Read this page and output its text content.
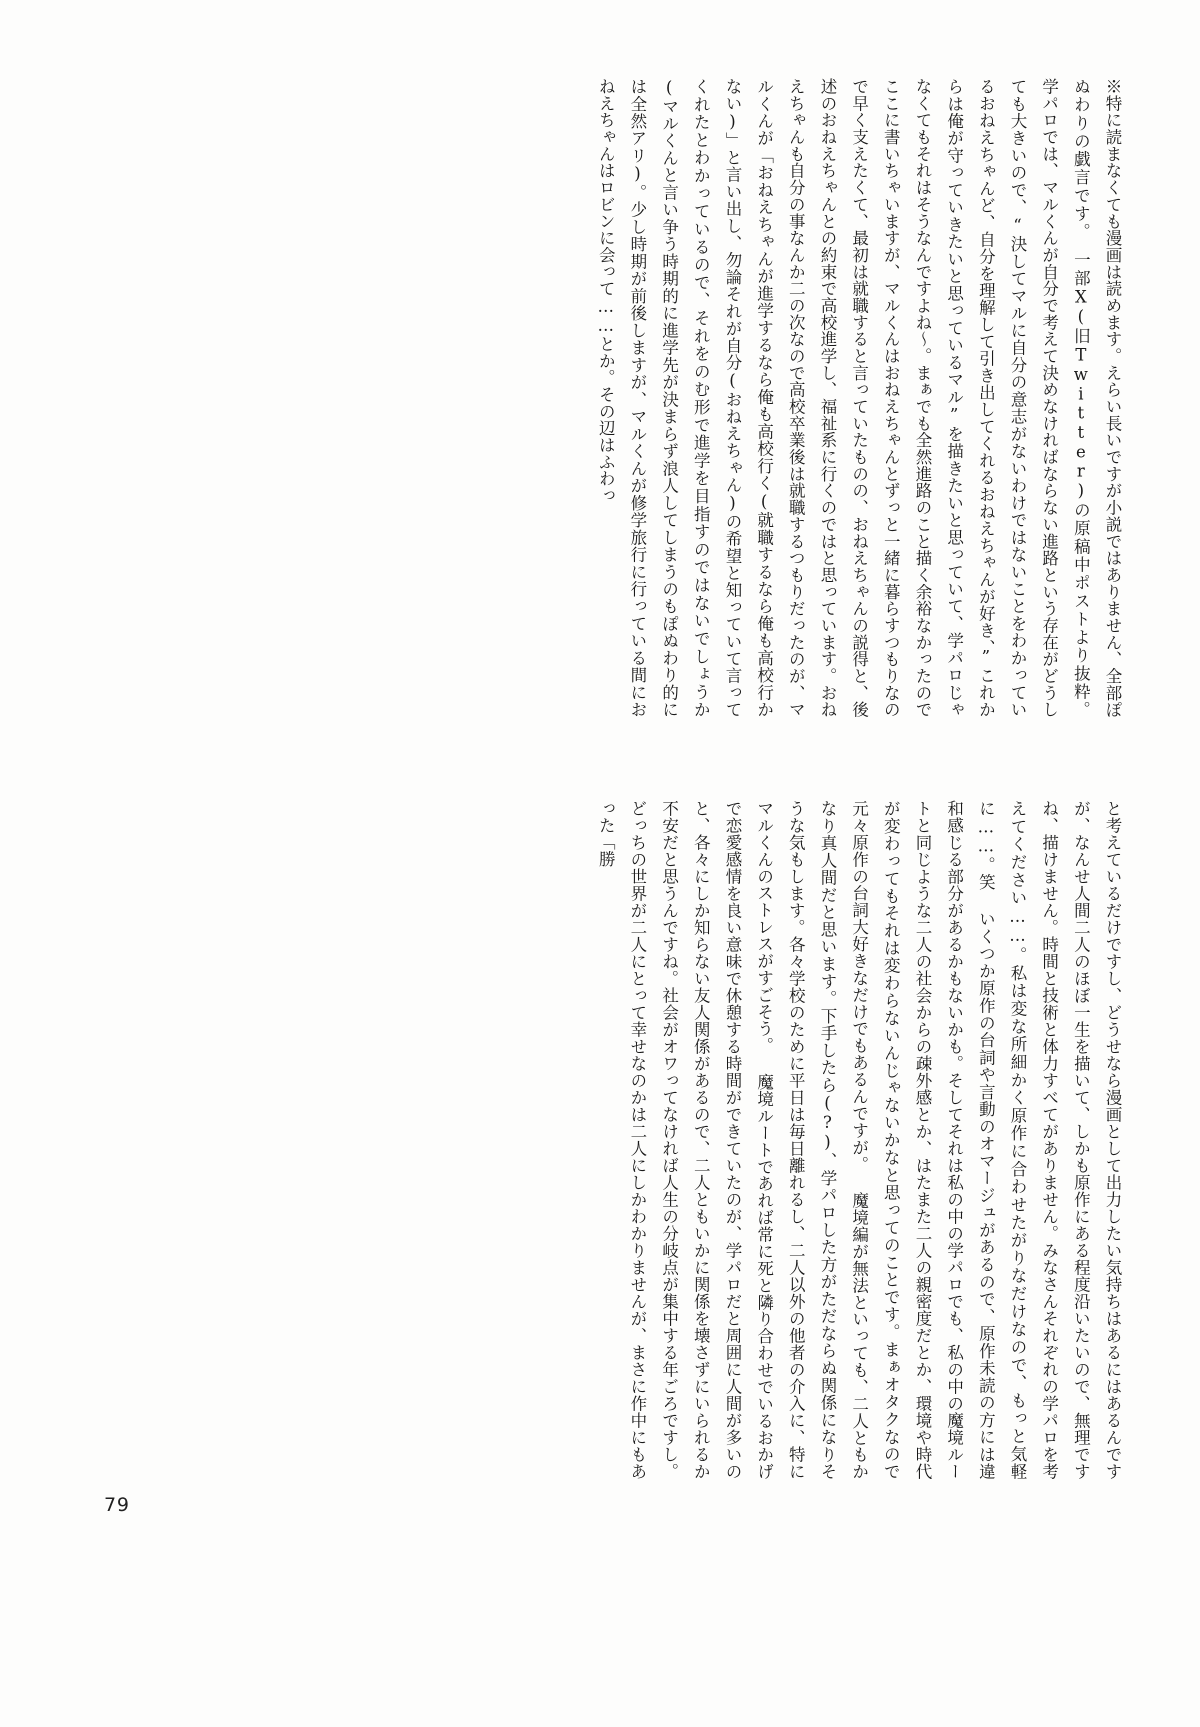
※特に読まなくても漫画は読めます。えらい長いですが小説ではありません、全部ぽぬわりの戯言です。　一部X(旧Twitter)の原稿中ポストより抜粋。 学パロでは、マルくんが自分で考えて決めなければならない進路という存在がどうしても大きいので、“決してマルに自分の意志がないわけではないことをわかっているおねえちゃんど、自分を理解して引き出してくれるおねえちゃんが好き、”これからは俺が守っていきたいと思っているマル”を描きたいと思っていて、学パロじゃなくてもそれはそうなんですよね～。まぁでも全然進路のこと描く余裕なかったのでここに書いちゃいますが、マルくんはおねえちゃんとずっと一緒に暮らすつもりなので早く支えたくて、最初は就職すると言っていたものの、おねえちゃんの説得と、後述のおねえちゃんとの約束で高校進学し、福祉系に行くのではと思っています。おねえちゃんも自分の事なんか二の次なので高校卒業後は就職するつもりだったのが、マルくんが「おねえちゃんが進学するなら俺も高校行く(就職するなら俺も高校行かない)」と言い出し、勿論それが自分(おねえちゃん)の希望と知っていて言ってくれたとわかっているので、それをのむ形で進学を目指すのではないでしょうか(マルくんと言い争う時期的に進学先が決まらず浪人してしまうのもぽぬわり的には全然アリ)。少し時期が前後しますが、マルくんが修学旅行に行っている間におねえちゃんはロビンに会って……とか。その辺はふわっ
と考えているだけですし、どうせなら漫画として出力したい気持ちはあるにはあるんですが、なんせ人間二人のほぼ一生を描いて、しかも原作にある程度沿いたいので、無理ですね、描けません。時間と技術と体力すべてがありません。みなさんそれぞれの学パロを考えてください……。私は変な所細かく原作に合わせたがりなだけなので、もっと気軽に……。笑 いくつか原作の台詞や言動のオマージュがあるので、原作未読の方には違和感じる部分があるかもないかも。そしてそれは私の中の学パロでも、私の中の魔境ルートと同じような二人の社会からの疎外感とか、はたまた二人の親密度だとか、環境や時代が変わってもそれは変わらないんじゃないかなと思ってのことです。まぁオタクなので元々原作の台詞大好きなだけでもあるんですが。 魔境編が無法といっても、二人ともかなり真人間だと思います。下手したら(?)、学パロした方がただならぬ関係になりそうな気もします。各々学校のために平日は毎日離れるし、二人以外の他者の介入に、特にマルくんのストレスがすごそう。 魔境ルートであれば常に死と隣り合わせでいるおかげで恋愛感情を良い意味で休憩する時間ができていたのが、学パロだと周囲に人間が多いのと、各々にしか知らない友人関係があるので、二人ともいかに関係を壊さずにいられるか不安だと思うんですね。社会がオワってなければ人生の分岐点が集中する年ごろですし。どっちの世界が二人にとって幸せなのかは二人にしかわかりませんが、まさに作中にもあった「勝
79
